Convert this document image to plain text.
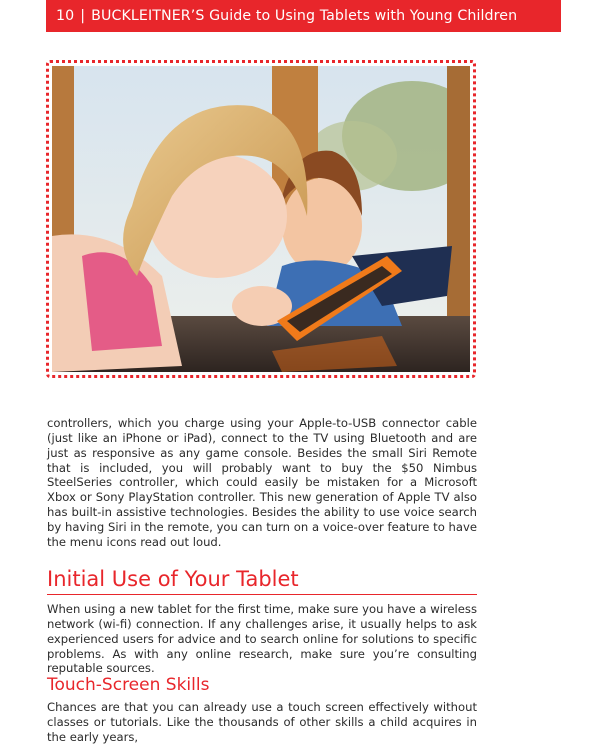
10 | BUCKLEITNER’S Guide to Using Tablets with Young Children

controllers, which you charge using your Apple-to-USB connector cable (just like an iPhone or iPad), connect to the TV using Bluetooth and are just as responsive as any game console. Besides the small Siri Remote that is included, you will probably want to buy the $50 Nimbus SteelSeries controller, which could easily be mistaken for a Microsoft Xbox or Sony PlayStation controller. This new generation of Apple TV also has built-in assistive technologies. Besides the ability to use voice search by having Siri in the remote, you can turn on a voice-over feature to have the menu icons read out loud.

Initial Use of Your Tablet

When using a new tablet for the first time, make sure you have a wireless network (wi-fi) connection. If any challenges arise, it usually helps to ask experienced users for advice and to search online for solutions to specific problems. As with any online research, make sure you’re consulting reputable sources.

Touch-Screen Skills

Chances are that you can already use a touch screen effectively without classes or tutorials. Like the thousands of other skills a child acquires in the early years,
